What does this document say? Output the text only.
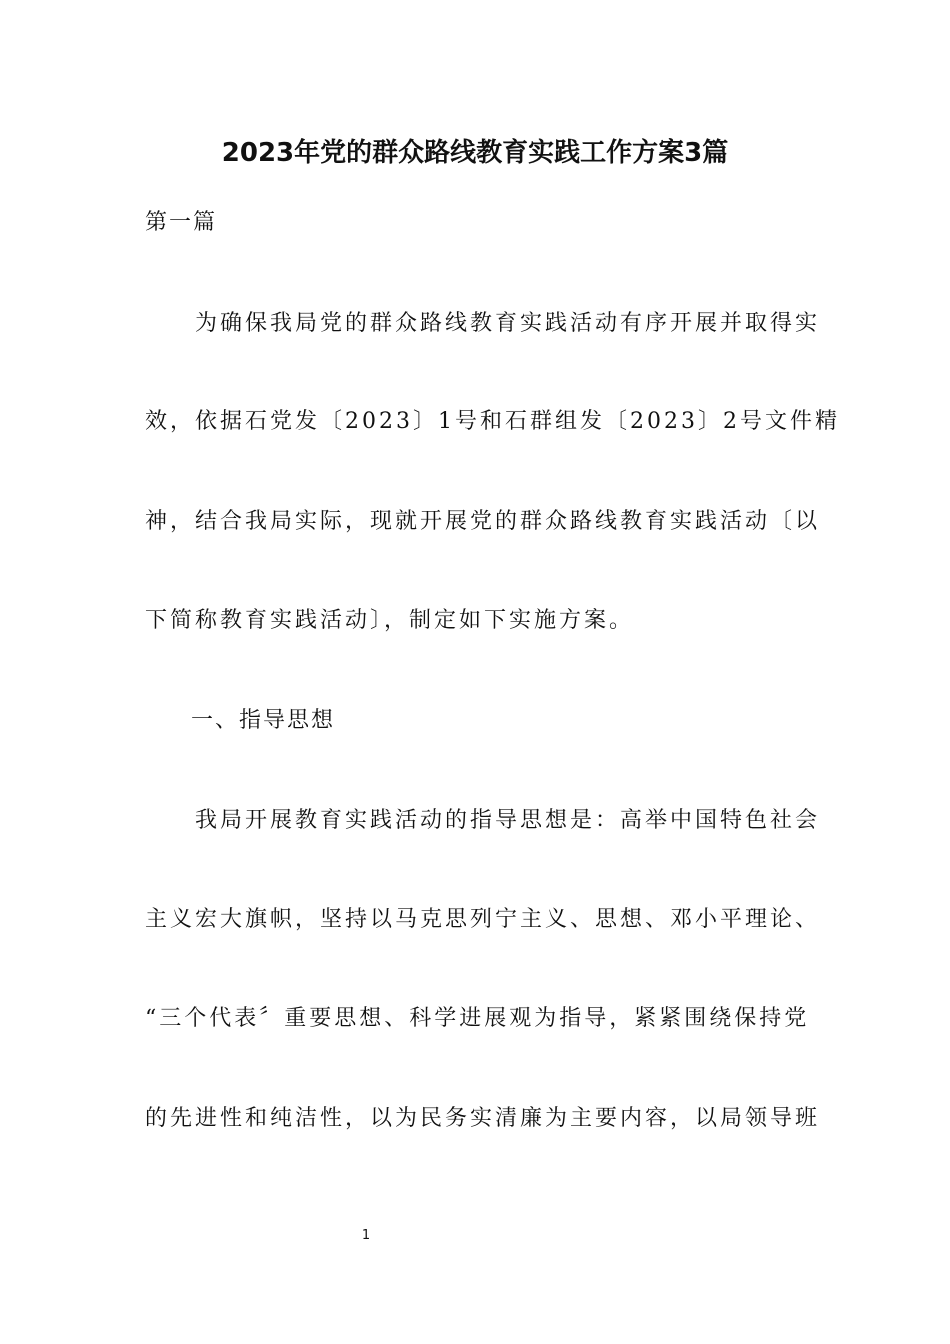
2023年党的群众路线教育实践工作方案3篇
第一篇
为确保我局党的群众路线教育实践活动有序开展并取得实
效，依据石党发〔2023〕1号和石群组发〔2023〕2号文件精
神，结合我局实际，现就开展党的群众路线教育实践活动〔以
下简称教育实践活动〕，制定如下实施方案。
一、指导思想
我局开展教育实践活动的指导思想是：高举中国特色社会
主义宏大旗帜，坚持以马克思列宁主义、思想、邓小平理论、
“三个代表〞重要思想、科学进展观为指导，紧紧围绕保持党
的先进性和纯洁性，以为民务实清廉为主要内容，以局领导班
1
